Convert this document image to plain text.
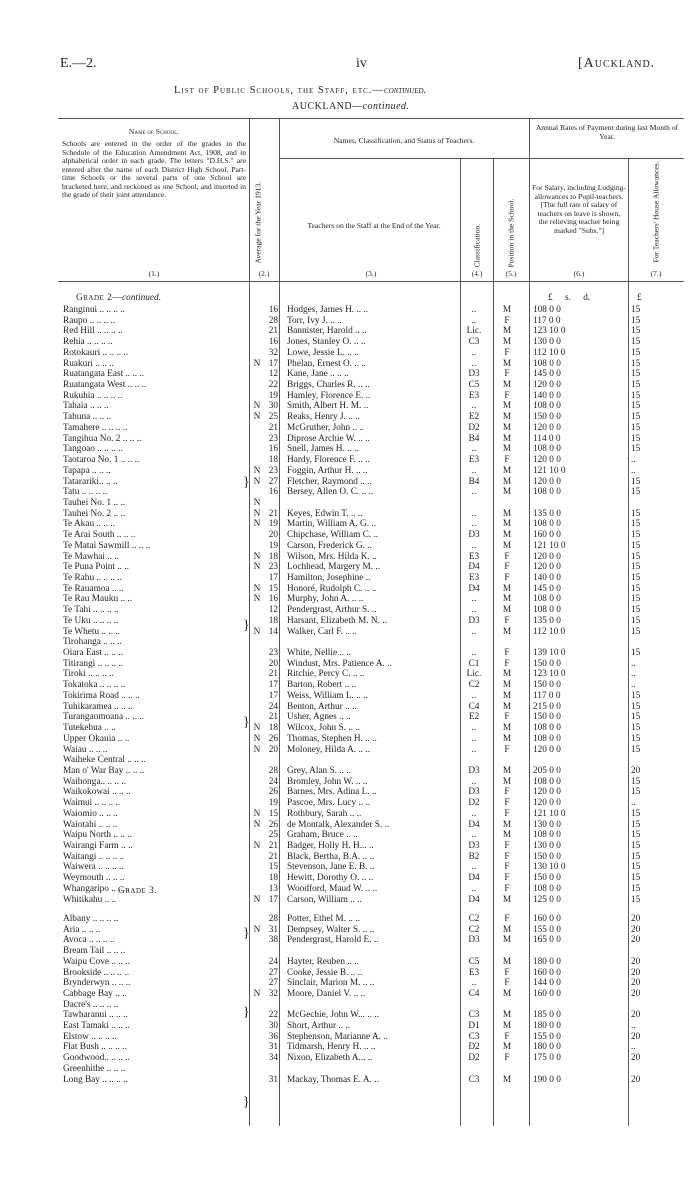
E.—2.	iv	[Auckland.
List of Public Schools, the Staff, etc.—continued.
AUCKLAND—continued.
Name of School.
Schools are entered in the order of the grades in the Schedule of the Education Amendment Act, 1908, and in alphabetical order in each grade. The letters "D.H.S." are entered after the name of each District High School. Part-time Schools or the several parts of one School are bracketed here, and reckoned as one School, and inserted in the grade of their joint attendance.
(1.)
Average for the Year 1913.
(2.)
Names, Classification, and Status of Teachers.
Teachers on the Staff at the End of the Year.
(3.)
Classification.
(4.)
Position in the School.
(5.)
Annual Rates of Payment during last Month of Year.
For Salary, including Lodging-allowances to Pupil-teachers. [The full rate of salary of teachers on leave is shown, the relieving teacher being marked "Subs."]
(6.)
For Teachers' House Allowances.
(7.)
Grade 2—continued.	£ s. d.	£
Ranginui .. .. .. ..	16 Hodges, James H. .. ..	..	M	108 0 0	15
Raupo .. .. .. ..	28 Torr, Ivy J. .. ..	..	F	117 0 0	15
Red Hill .. .. .. ..	21 Bannister, Harold .. ..	Lic.	M	123 10 0	15
Rehia .. .. .. ..	16 Jones, Stanley O. .. ..	C3	M	130 0 0	15
Rotokauri .. .. .. ..	32 Lowe, Jessie L. .. ..	..	F	112 10 0	15
Ruakuri .. .. ..	N 17 Phelan, Ernest O. .. ..	..	M	108 0 0	15
Ruatangata East .. .. ..	12 Kane, Jane .. .. ..	D3	F	145 0 0	15
Ruatangata West .. .. ..	22 Briggs, Charles R. .. ..	C5	M	120 0 0	15
Rukuhia .. .. .. ..	19 Hamley, Florence E. ..	E3	F	140 0 0	15
Tahaia .. .. ..	N 30 Smith, Albert H. M. ..	..	M	108 0 0	15
Tahuna .. .. ..	N 25 Reaks, Henry J. .. ..	E2	M	150 0 0	15
Tamahere .. .. .. ..	21 McGruther, John .. ..	D2	M	120 0 0	15
Tangihua No. 2 .. .. ..	23 Diprose Archie W. .. ..	B4	M	114 0 0	15
Tangoao .. .. .. ..	16 Snell, James H. .. ..	..	M	108 0 0	15
Taotaroa No. 1 .. .. ..	18 Hardy, Florence F. .. ..	E3	F	120 0 0	..
Tapapa .. .. ..	N 23 Foggin, Arthur H. .. ..	..	M	121 10 0	..
Tatarariki.. .. ..	N 27 Fletcher, Raymond .. ..	B4	M	120 0 0	15
Tatu .. .. .. ..	16 Bersey, Allen O. C. .. ..	..	M	108 0 0	15
Tauhei No. 1 .. ..	N
Tauhei No. 2 .. ..	N 21 Keyes, Edwin T. .. ..	..	M	135 0 0	15
Te Akau .. .. ..	N 19 Martin, William A. G. ..	..	M	108 0 0	15
Te Arai South .. .. ..	20 Chipchase, William C. ..	D3	M	160 0 0	15
Te Matai Sawmill .. .. ..	19 Carson, Frederick G. ..	..	M	121 10 0	15
Te Mawhai .. ..	N 18 Wilson, Mrs. Hilda K. ..	E3	F	120 0 0	15
Te Puna Point .. ..	N 23 Lochhead, Margery M. ..	D4	F	120 0 0	15
Te Rahu .. .. .. ..	17 Hamilton, Josephine ..	E3	F	140 0 0	15
Te Rauamoa .. ..	N 15 Honoré, Rudolph C. .. ..	D4	M	145 0 0	15
Te Rau Mauku .. ..	N 16 Murphy, John A. .. ..	..	M	108 0 0	15
Te Tahi .. .. .. ..	12 Pendergrast, Arthur S. ..	..	M	108 0 0	15
Te Uku .. .. .. ..	18 Harsant, Elizabeth M. N. ..	D3	F	135 0 0	15
Te Whetu .. .. ..	N 14 Walker, Carl F. .. ..	..	M	112 10 0	15
Tirohanga .. .. ..
Oiara East .. .. ..	23 White, Nellie .. ..	..	F	139 10 0	15
Titirangi .. .. .. ..	20 Windust, Mrs. Patience A. ..	C1	F	150 0 0	..
Tiroki .. .. .. ..	21 Ritchie, Percy C. .. ..	Lic.	M	123 10 0	..
Tokatoka .. .. .. ..	17 Barton, Robert .. ..	C2	M	150 0 0	..
Tokirima Road .. .. ..	17 Weiss, William L. .. ..	..	M	117 0 0	15
Tuhikaramea .. .. ..	24 Benton, Arthur .. ..	C4	M	215 0 0	15
Turangaomoana .. .. ..	21 Usher, Agnes .. ..	E2	F	150 0 0	15
Tutekehua .. ..	N 18 Wilcox, John S. .. ..	..	M	108 0 0	15
Upper Okauia .. ..	N 26 Thomas, Stephen H. .. ..	..	M	108 0 0	15
Waiau .. .. ..	N 20 Moloney, Hilda A. .. ..	..	F	120 0 0	15
Waiheke Central .. .. ..
Man o' War Bay .. .. ..	28 Grey, Alan S. .. ..	D3	M	205 0 0	20
Waihonga.. .. .. ..	24 Bromley, John W. .. ..	..	M	108 0 0	15
Waikokowai .. .. ..	26 Barnes, Mrs. Adina L. ..	D3	F	120 0 0	15
Waimui .. .. .. ..	19 Pascoe, Mrs. Lucy .. ..	D2	F	120 0 0	..
Waiomio .. .. ..	N 15 Rothbury, Sarah .. ..	..	F	121 10 0	15
Waiotahi .. .. ..	N 26 de Montalk, Alexander S. ..	D4	M	130 0 0	15
Waipu North .. .. ..	25 Graham, Bruce .. ..	..	M	108 0 0	15
Wairangi Farm .. ..	N 21 Badger, Holly H. H... ..	D3	F	130 0 0	15
Waitangi .. .. .. ..	21 Black, Bertha, B.A. .. ..	B2	F	150 0 0	15
Waiwera .. .. .. ..	15 Stevenson, Jane E. B. ..	..	F	130 10 0	15
Weymouth .. .. ..	18 Hewitt, Dorothy O. .. ..	D4	F	150 0 0	15
Whangaripo .. .. ..	13 Woodford, Maud W. .. ..	..	F	108 0 0	15
Whitikahu .. ..	N 17 Carson, William .. ..	D4	M	125 0 0	15
Grade 3.
Albany .. .. .. ..	28 Potter, Ethel M. .. ..	C2	F	160 0 0	20
Aria .. .. ..	N 31 Dempsey, Walter S. .. ..	C2	M	155 0 0	20
Avoca .. .. .. ..	38 Pendergrast, Harold E. ..	D3	M	165 0 0	20
Bream Tail .. .. ..
Waipu Cove .. .. ..	24 Hayter, Reuben .. ..	C5	M	180 0 0	20
Brookside .. .. .. ..	27 Cooke, Jessie B. .. ..	E3	F	160 0 0	20
Brynderwyn .. .. ..	27 Sinclair, Marion M. .. ..	..	F	144 0 0	20
Cabbage Bay .. ..	N 32 Moore, Daniel V. .. ..	C4	M	160 0 0	20
Dacre's .. .. .. ..
Tawharanui .. .. ..	22 McGechie, John W... .. ..	C3	M	185 0 0	20
East Tamaki .. .. ..	30 Short, Arthur .. ..	D1	M	180 0 0	..
Elstow .. .. .. ..	36 Stephenson, Marianne A. ..	C3	F	155 0 0	20
Flat Bush .. .. .. ..	31 Tidmarsh, Henry H. .. ..	D2	M	180 0 0	..
Goodwood.. .. .. ..	34 Nixon, Elizabeth A... ..	D2	F	175 0 0	20
Greenhithe .. .. ..
Long Bay .. .. .. ..	31 Mackay, Thomas E. A. ..	C3	M	190 0 0	20
}
}
}
}
}
}
